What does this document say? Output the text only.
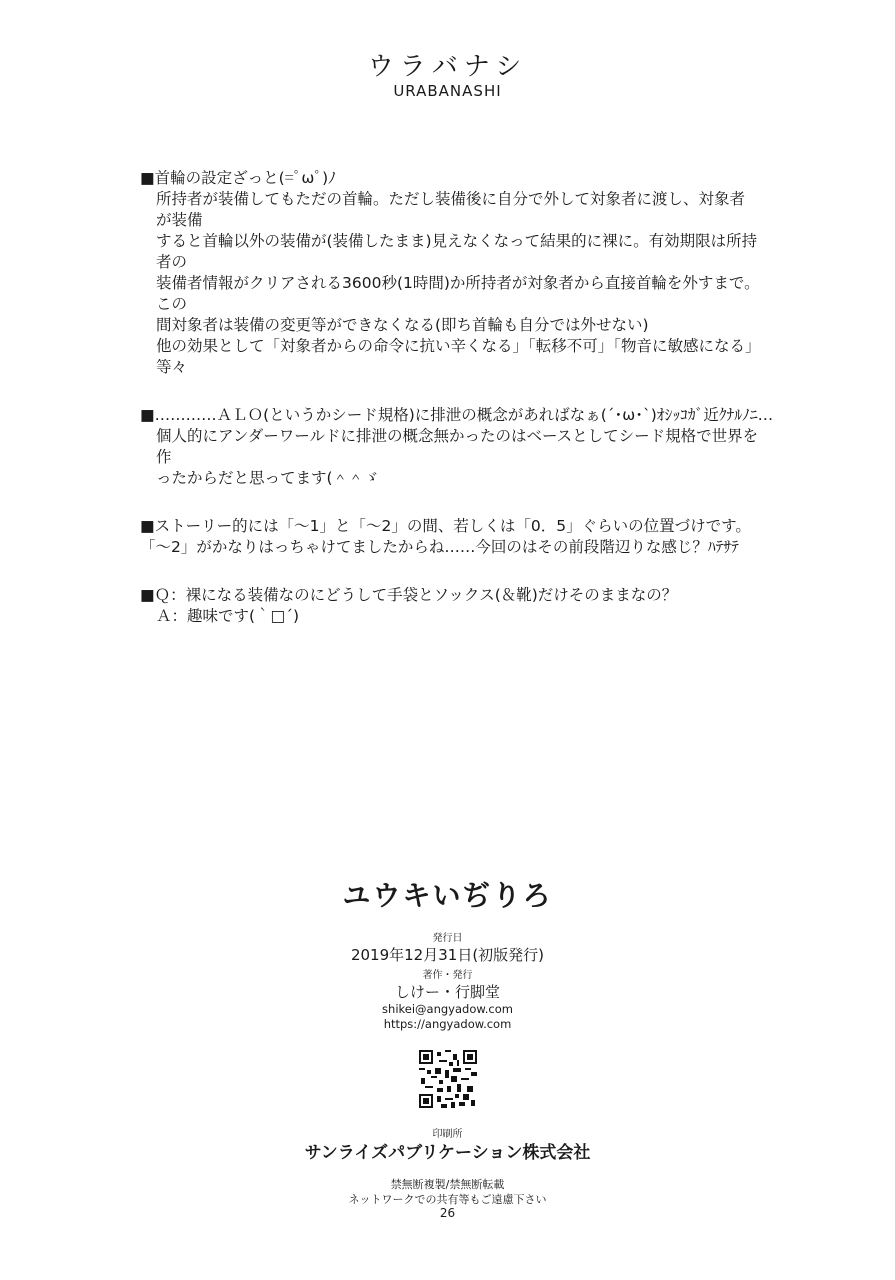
ウラバナシ
URABANASHI
■首輪の設定ざっと(=ﾟωﾟ)ﾉ

所持者が装備してもただの首輪。ただし装備後に自分で外して対象者に渡し、対象者が装備

すると首輪以外の装備が(装備したまま)見えなくなって結果的に裸に。有効期限は所持者の

装備者情報がクリアされる3600秒(1時間)か所持者が対象者から直接首輪を外すまで。この

間対象者は装備の変更等ができなくなる(即ち首輪も自分では外せない)

他の効果として「対象者からの命令に抗い辛くなる」「転移不可」「物音に敏感になる」等々

■…………ＡＬＯ(というかシード規格)に排泄の概念があればなぁ(´･ω･`)ｵｼｯｺｶﾞ近ｸﾅﾙﾉﾆ…

個人的にアンダーワールドに排泄の概念無かったのはベースとしてシード規格で世界を作

ったからだと思ってます(＾＾ゞ

■ストーリー的には「～1」と「～2」の間、若しくは「0．5」ぐらいの位置づけです。

「～2」がかなりはっちゃけてましたからね……今回のはその前段階辺りな感じ？ﾊﾃｻﾃ

■Ｑ：裸になる装備なのにどうして手袋とソックス(＆靴)だけそのままなの？

Ａ：趣味です(｀□´)

ユウキいぢりろ
発行日
2019年12月31日(初版発行)
著作・発行
しけー・行脚堂
shikei@angyadow.com
https://angyadow.com
印刷所
サンライズパブリケーション株式会社
禁無断複製/禁無断転載
ネットワークでの共有等もご遠慮下さい
26
